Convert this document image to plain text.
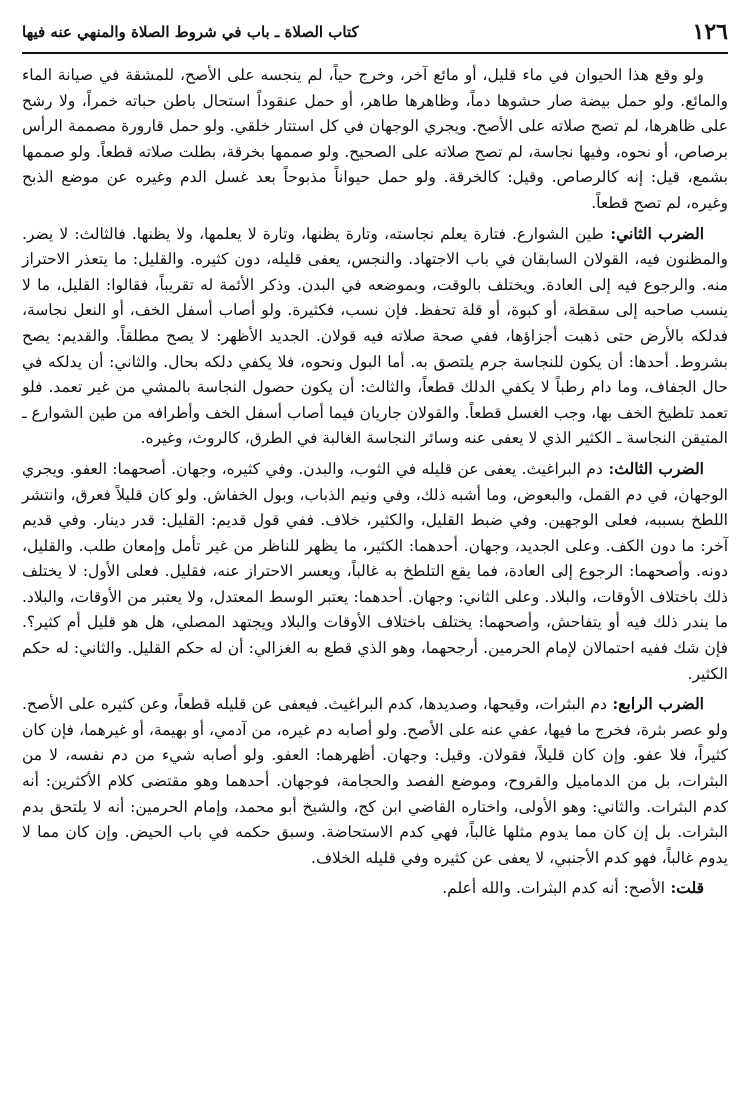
١٢٦
كتاب الصلاة ـ باب في شروط الصلاة والمنهي عنه فيها

ولو وقع هذا الحيوان في ماء قليل، أو مائع آخر، وخرج حياً، لم ينجسه على الأصح، للمشقة في صيانة الماء والمائع. ولو حمل بيضة صار حشوها دماً، وظاهرها طاهر، أو حمل عنقوداً استحال باطن حباته خمراً، ولا رشح على ظاهرها، لم تصح صلاته على الأصح. ويجري الوجهان في كل استتار خلقي. ولو حمل قارورة مصممة الرأس برصاص، أو نحوه، وفيها نجاسة، لم تصح صلاته على الصحيح. ولو صممها بخرقة، بطلت صلاته قطعاً. ولو صممها بشمع، قيل: إنه كالرصاص. وقيل: كالخرقة. ولو حمل حيواناً مذبوحاً بعد غسل الدم وغيره عن موضع الذبح وغيره، لم تصح قطعاً.

الضرب الثاني: طين الشوارع. فتارة يعلم نجاسته، وتارة يظنها، وتارة لا يعلمها، ولا يظنها. فالثالث: لا يضر. والمظنون فيه، القولان السابقان في باب الاجتهاد. والنجس، يعفى قليله، دون كثيره. والقليل: ما يتعذر الاحتراز منه. والرجوع فيه إلى العادة. ويختلف بالوقت، وبموضعه في البدن. وذكر الأئمة له تقريباً، فقالوا: القليل، ما لا ينسب صاحبه إلى سقطة، أو كبوة، أو قلة تحفظ. فإن نسب، فكثيرة. ولو أصاب أسفل الخف، أو النعل نجاسة، فدلكه بالأرض حتى ذهبت أجزاؤها، ففي صحة صلاته فيه قولان. الجديد الأظهر: لا يصح مطلقاً. والقديم: يصح بشروط. أحدها: أن يكون للنجاسة جرم يلتصق به. أما البول ونحوه، فلا يكفي دلكه بحال. والثاني: أن يدلكه في حال الجفاف، وما دام رطباً لا يكفي الدلك قطعاً، والثالث: أن يكون حصول النجاسة بالمشي من غير تعمد. فلو تعمد تلطيخ الخف بها، وجب الغسل قطعاً. والقولان جاريان فيما أصاب أسفل الخف وأطرافه من طين الشوارع ـ المتيقن النجاسة ـ الكثير الذي لا يعفى عنه وسائر النجاسة الغالبة في الطرق، كالروث، وغيره.

الضرب الثالث: دم البراغيث. يعفى عن قليله في الثوب، والبدن. وفي كثيره، وجهان. أصحهما: العفو. ويجري الوجهان، في دم القمل، والبعوض، وما أشبه ذلك، وفي ونيم الذباب، وبول الخفاش. ولو كان قليلاً فعرق، وانتشر اللطخ بسببه، فعلى الوجهين. وفي ضبط القليل، والكثير، خلاف. ففي قول قديم: القليل: قدر دينار. وفي قديم آخر: ما دون الكف. وعلى الجديد، وجهان. أحدهما: الكثير، ما يظهر للناظر من غير تأمل وإمعان طلب. والقليل، دونه. وأصحهما: الرجوع إلى العادة، فما يقع التلطخ به غالباً، ويعسر الاحتراز عنه، فقليل. فعلى الأول: لا يختلف ذلك باختلاف الأوقات، والبلاد. وعلى الثاني: وجهان. أحدهما: يعتبر الوسط المعتدل، ولا يعتبر من الأوقات، والبلاد. ما يندر ذلك فيه أو يتفاحش، وأصحهما: يختلف باختلاف الأوقات والبلاد ويجتهد المصلي، هل هو قليل أم كثير؟. فإن شك ففيه احتمالان لإمام الحرمين. أرجحهما، وهو الذي قطع به الغزالي: أن له حكم القليل. والثاني: له حكم الكثير.

الضرب الرابع: دم البثرات، وقيحها، وصديدها، كدم البراغيث. فيعفى عن قليله قطعاً، وعن كثيره على الأصح. ولو عصر بثرة، فخرج ما فيها، عفي عنه على الأصح. ولو أصابه دم غيره، من آدمي، أو بهيمة، أو غيرهما، فإن كان كثيراً، فلا عفو. وإن كان قليلاً، فقولان. وقيل: وجهان. أظهرهما: العفو. ولو أصابه شيء من دم نفسه، لا من البثرات، بل من الدماميل والقروح، وموضع الفصد والحجامة، فوجهان. أحدهما وهو مقتضى كلام الأكثرين: أنه كدم البثرات. والثاني: وهو الأولى، واختاره القاضي ابن كج، والشيخ أبو محمد، وإمام الحرمين: أنه لا يلتحق بدم البثرات. بل إن كان مما يدوم مثلها غالباً، فهي كدم الاستحاضة. وسبق حكمه في باب الحيض. وإن كان مما لا يدوم غالباً، فهو كدم الأجنبي، لا يعفى عن كثيره وفي قليله الخلاف.

قلت: الأصح: أنه كدم البثرات. والله أعلم.
